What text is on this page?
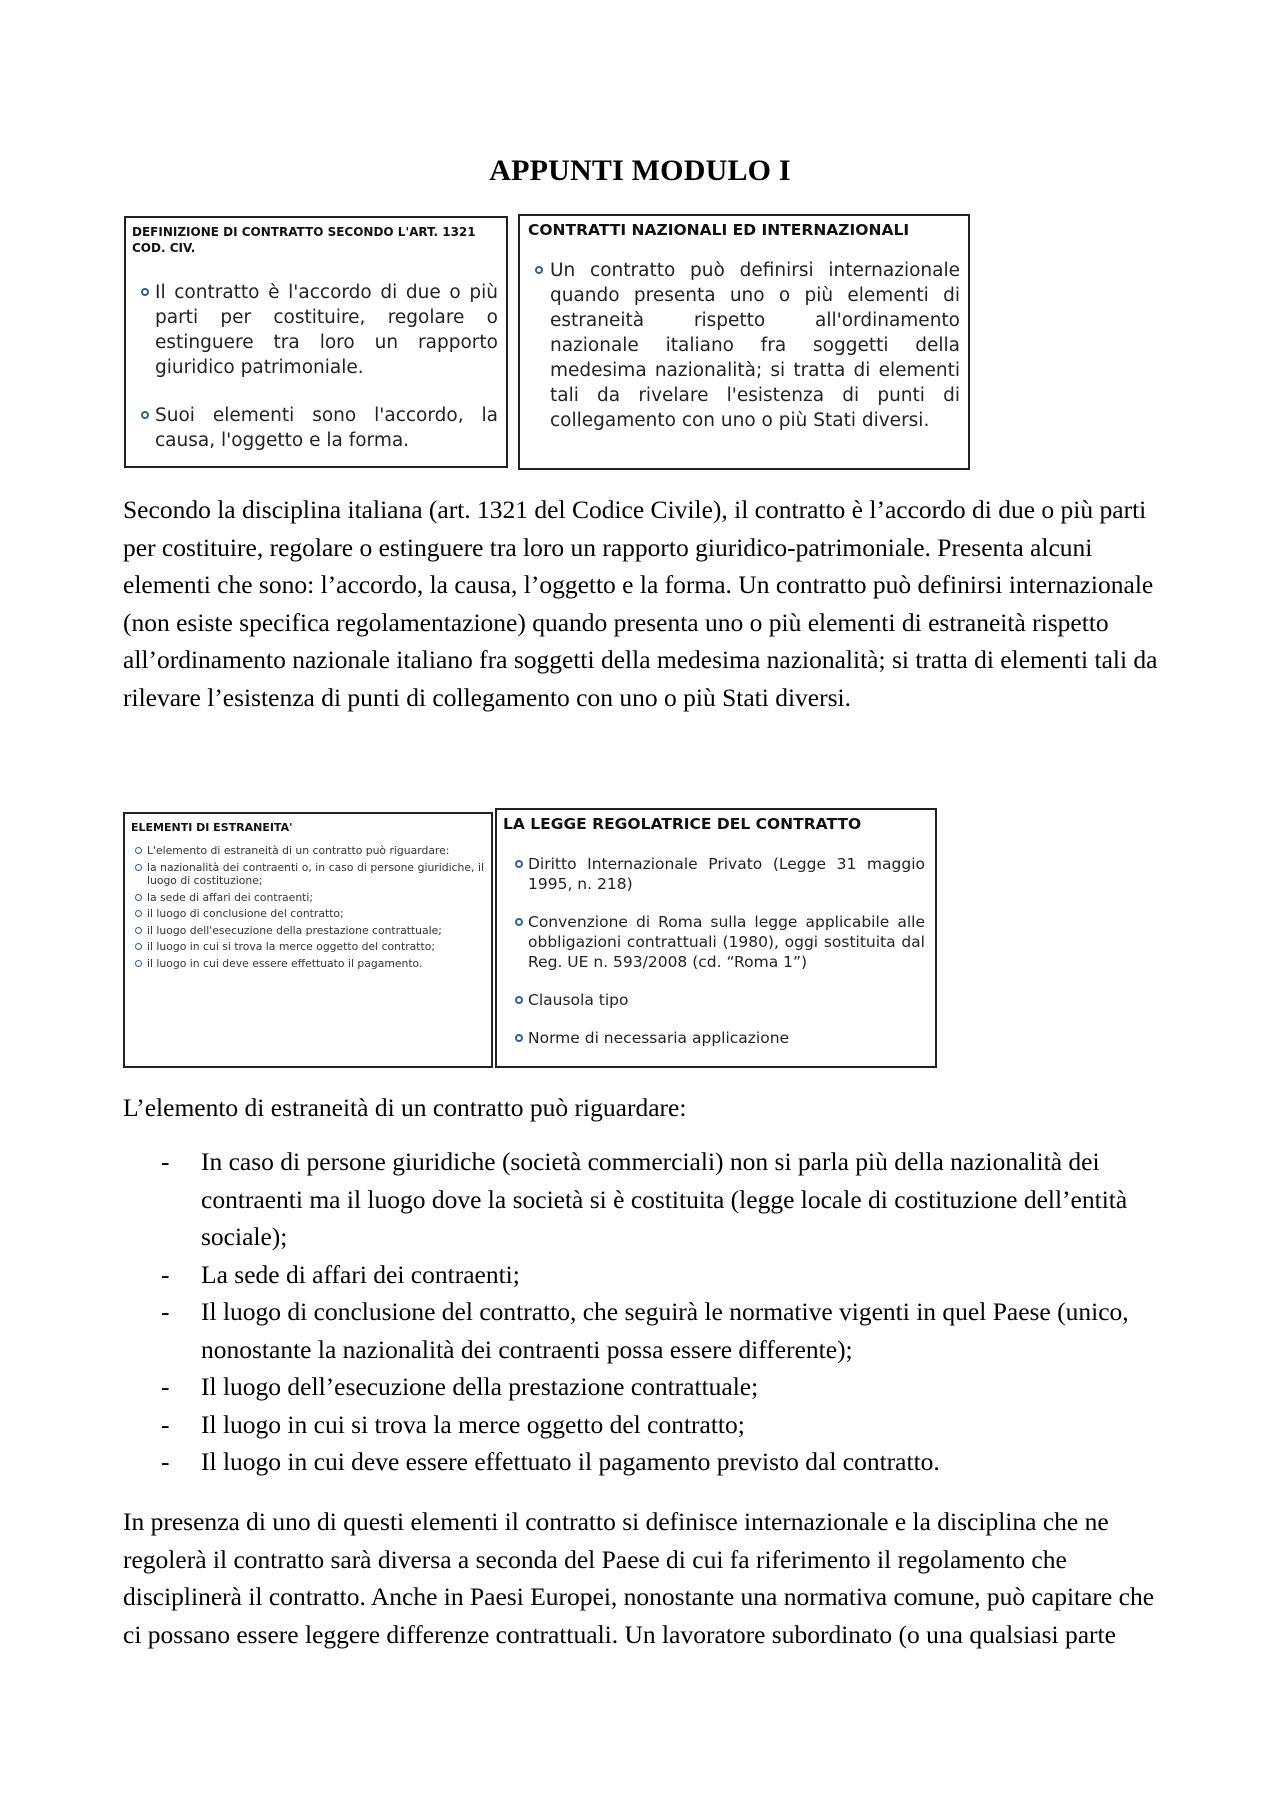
APPUNTI MODULO I
DEFINIZIONE DI CONTRATTO SECONDO L'ART. 1321 COD. CIV.
Il contratto è l'accordo di due o più parti per costituire, regolare o estinguere tra loro un rapporto giuridico patrimoniale.
Suoi elementi sono l'accordo, la causa, l'oggetto e la forma.
CONTRATTI NAZIONALI ED INTERNAZIONALI
Un contratto può definirsi internazionale quando presenta uno o più elementi di estraneità rispetto all'ordinamento nazionale italiano fra soggetti della medesima nazionalità; si tratta di elementi tali da rivelare l'esistenza di punti di collegamento con uno o più Stati diversi.

Secondo la disciplina italiana (art. 1321 del Codice Civile), il contratto è l’accordo di due o più parti per costituire, regolare o estinguere tra loro un rapporto giuridico-patrimoniale. Presenta alcuni elementi che sono: l’accordo, la causa, l’oggetto e la forma. Un contratto può definirsi internazionale (non esiste specifica regolamentazione) quando presenta uno o più elementi di estraneità rispetto all’ordinamento nazionale italiano fra soggetti della medesima nazionalità; si tratta di elementi tali da rilevare l’esistenza di punti di collegamento con uno o più Stati diversi.

ELEMENTI DI ESTRANEITA'
L'elemento di estraneità di un contratto può riguardare:
la nazionalità dei contraenti o, in caso di persone giuridiche, il luogo di costituzione;
la sede di affari dei contraenti;
il luogo di conclusione del contratto;
il luogo dell'esecuzione della prestazione contrattuale;
il luogo in cui si trova la merce oggetto del contratto;
il luogo in cui deve essere effettuato il pagamento.
LA LEGGE REGOLATRICE DEL CONTRATTO
Diritto Internazionale Privato (Legge 31 maggio 1995, n. 218)
Convenzione di Roma sulla legge applicabile alle obbligazioni contrattuali (1980), oggi sostituita dal Reg. UE n. 593/2008 (cd. “Roma 1”)
Clausola tipo
Norme di necessaria applicazione

L’elemento di estraneità di un contratto può riguardare:

- In caso di persone giuridiche (società commerciali) non si parla più della nazionalità dei contraenti ma il luogo dove la società si è costituita (legge locale di costituzione dell’entità sociale);
- La sede di affari dei contraenti;
- Il luogo di conclusione del contratto, che seguirà le normative vigenti in quel Paese (unico, nonostante la nazionalità dei contraenti possa essere differente);
- Il luogo dell’esecuzione della prestazione contrattuale;
- Il luogo in cui si trova la merce oggetto del contratto;
- Il luogo in cui deve essere effettuato il pagamento previsto dal contratto.

In presenza di uno di questi elementi il contratto si definisce internazionale e la disciplina che ne regolerà il contratto sarà diversa a seconda del Paese di cui fa riferimento il regolamento che disciplinerà il contratto. Anche in Paesi Europei, nonostante una normativa comune, può capitare che ci possano essere leggere differenze contrattuali. Un lavoratore subordinato (o una qualsiasi parte
